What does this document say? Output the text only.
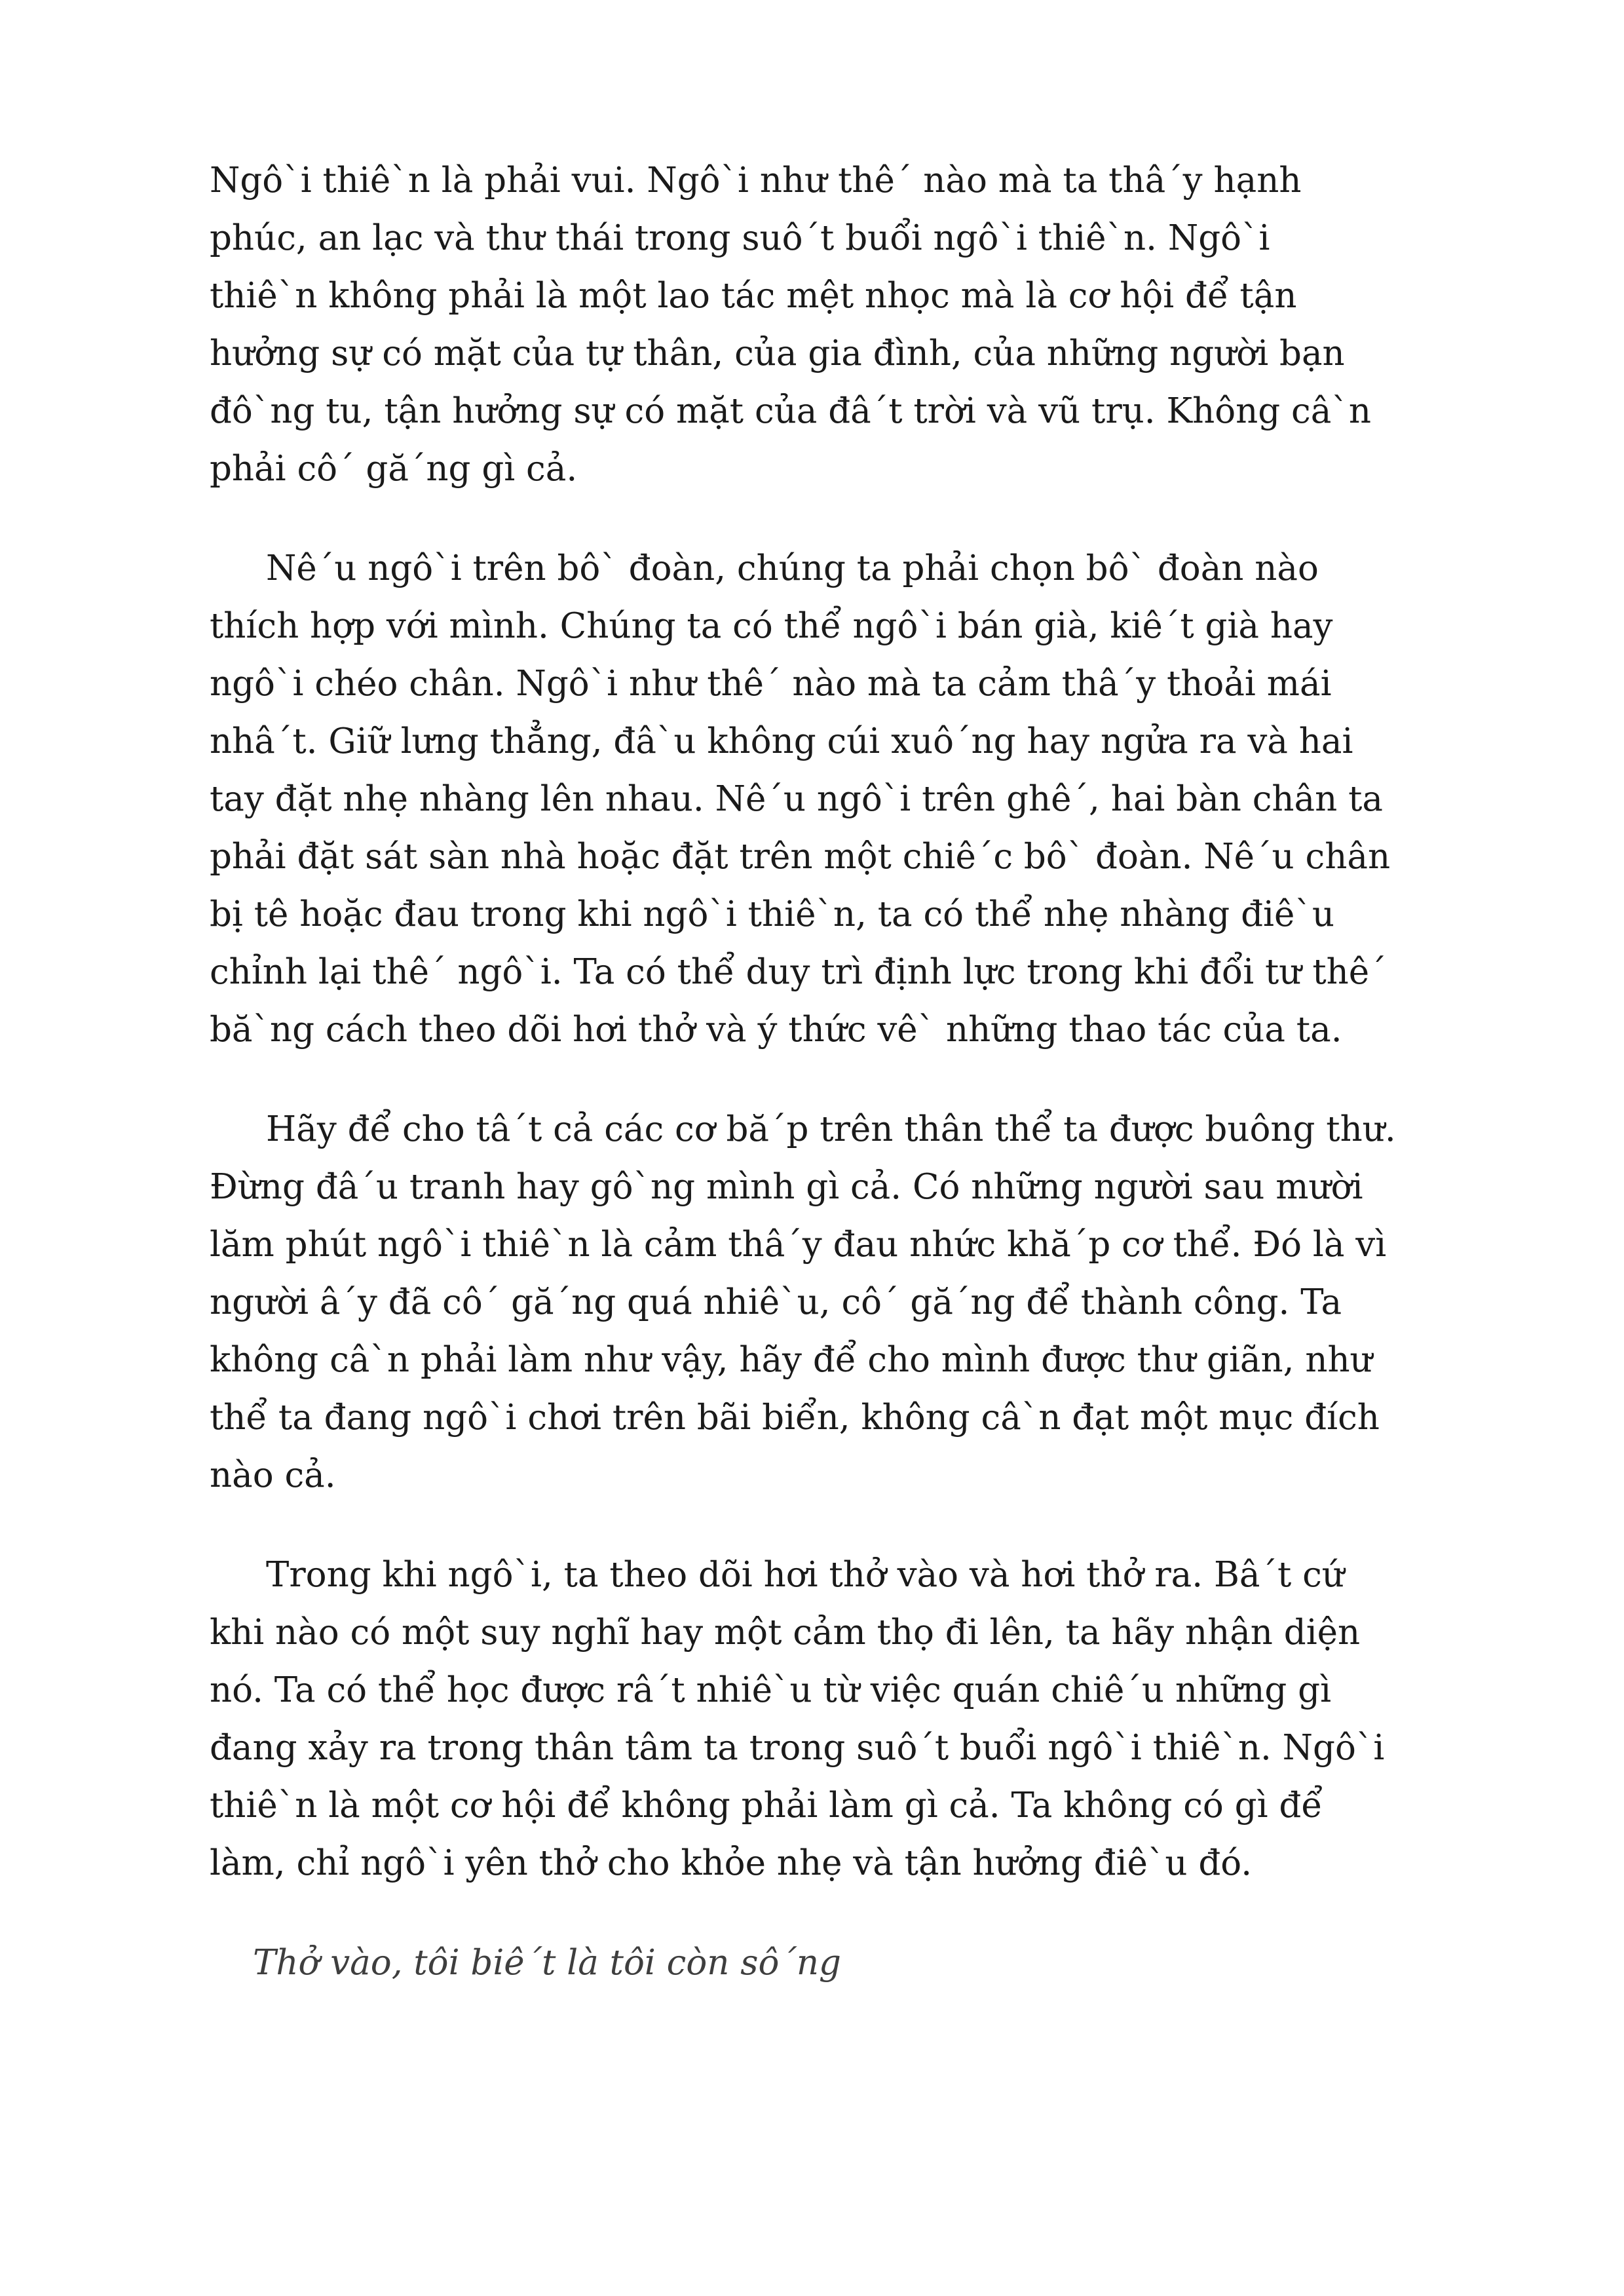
Ngô`i thiê`n là phải vui. Ngô`i như thê´ nào mà ta thâ´y hạnh
phúc, an lạc và thư thái trong suô´t buổi ngô`i thiê`n. Ngô`i
thiê`n không phải là một lao tác mệt nhọc mà là cơ hội để tận
hưởng sự có mặt của tự thân, của gia đình, của những người bạn
đô`ng tu, tận hưởng sự có mặt của đâ´t trời và vũ trụ. Không câ`n
phải cô´ gă´ng gì cả.
Nê´u ngô`i trên bô` đoàn, chúng ta phải chọn bô` đoàn nào
thích hợp với mình. Chúng ta có thể ngô`i bán già, kiê´t già hay
ngô`i chéo chân. Ngô`i như thê´ nào mà ta cảm thâ´y thoải mái
nhâ´t. Giữ lưng thẳng, đâ`u không cúi xuô´ng hay ngửa ra và hai
tay đặt nhẹ nhàng lên nhau. Nê´u ngô`i trên ghê´, hai bàn chân ta
phải đặt sát sàn nhà hoặc đặt trên một chiê´c bô` đoàn. Nê´u chân
bị tê hoặc đau trong khi ngô`i thiê`n, ta có thể nhẹ nhàng điê`u
chỉnh lại thê´ ngô`i. Ta có thể duy trì định lực trong khi đổi tư thê´
bă`ng cách theo dõi hơi thở và ý thức vê` những thao tác của ta.
Hãy để cho tâ´t cả các cơ bă´p trên thân thể ta được buông thư.
Đừng đâ´u tranh hay gô`ng mình gì cả. Có những người sau mười
lăm phút ngô`i thiê`n là cảm thâ´y đau nhức khă´p cơ thể. Đó là vì
người â´y đã cô´ gă´ng quá nhiê`u, cô´ gă´ng để thành công. Ta
không câ`n phải làm như vậy, hãy để cho mình được thư giãn, như
thể ta đang ngô`i chơi trên bãi biển, không câ`n đạt một mục đích
nào cả.
Trong khi ngô`i, ta theo dõi hơi thở vào và hơi thở ra. Bâ´t cứ
khi nào có một suy nghĩ hay một cảm thọ đi lên, ta hãy nhận diện
nó. Ta có thể học được râ´t nhiê`u từ việc quán chiê´u những gì
đang xảy ra trong thân tâm ta trong suô´t buổi ngô`i thiê`n. Ngô`i
thiê`n là một cơ hội để không phải làm gì cả. Ta không có gì để
làm, chỉ ngô`i yên thở cho khỏe nhẹ và tận hưởng điê`u đó.
Thở vào, tôi biê´t là tôi còn sô´ng
